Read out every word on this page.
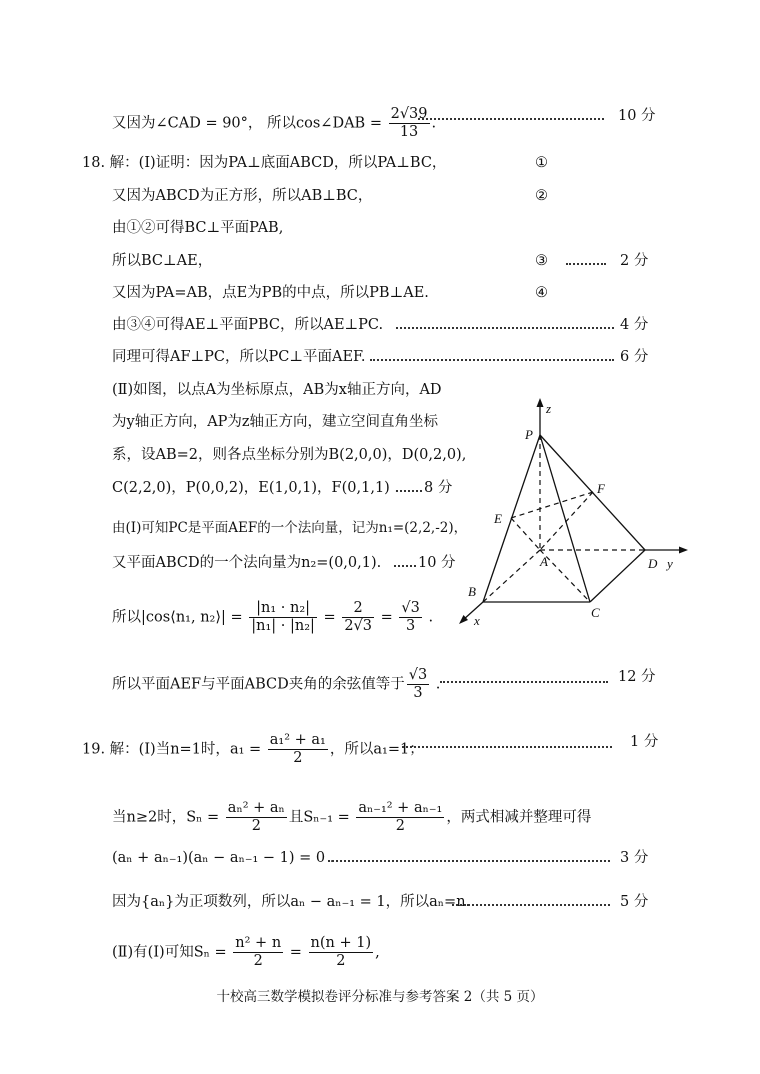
又因为∠CAD = 90°， 所以cos∠DAB = $\frac{2√39}{13}$ .	10 分
18. 解：(Ⅰ)证明：因为PA⊥底面ABCD，所以PA⊥BC，	①
又因为ABCD为正方形，所以AB⊥BC，	②
由①②可得BC⊥平面PAB,
所以BC⊥AE，	③	2 分
又因为PA=AB，点E为PB的中点，所以PB⊥AE.	④
由③④可得AE⊥平面PBC，所以AE⊥PC.	4 分
同理可得AF⊥PC，所以PC⊥平面AEF.	6 分
(Ⅱ)如图，以点A为坐标原点，AB为x轴正方向，AD
为y轴正方向，AP为z轴正方向，建立空间直角坐标
系，设AB=2，则各点坐标分别为B(2,0,0)，D(0,2,0),
C(2,2,0)，P(0,0,2)，E(1,0,1)，F(0,1,1) . 8 分
由(Ⅰ)可知PC是平面AEF的一个法向量，记为n₁=(2,2,-2)，
又平面ABCD的一个法向量为n₂=(0,0,1).	10 分
所以|cos⟨n₁, n₂⟩| = $\frac{\text{|n₁ · n₂|}}{\text{|n₁| · |n₂|}} = \frac{2}{2√3} = \frac{√3}{3}$ .
所以平面AEF与平面ABCD夹角的余弦值等于 $\frac{√3}{3}$ .	12 分
z
y
x
P
F
E
A	D
B
C
19. 解：(Ⅰ)当n=1时，$a_1 = \frac{\text{a₁² + a₁}}{2}$ ，所以a₁=1；	1 分
当n≥2时，$S_n = \frac{\text{aₙ² + aₙ}}{2}$ 且$S_{n-1} = \frac{\text{aₙ₋₁² + aₙ₋₁}}{2}$ ，两式相减并整理可得
(aₙ + aₙ₋₁)(aₙ − aₙ₋₁ − 1) = 0 .	3 分
因为{aₙ}为正项数列，所以aₙ − aₙ₋₁ = 1，所以aₙ=n.	5 分
(Ⅱ)有(Ⅰ)可知$S_n = \frac{\text{n² + n}}{2} = \frac{n(n + 1)}{2}$ ,
十校高三数学模拟卷评分标准与参考答案 2（共 5 页）
